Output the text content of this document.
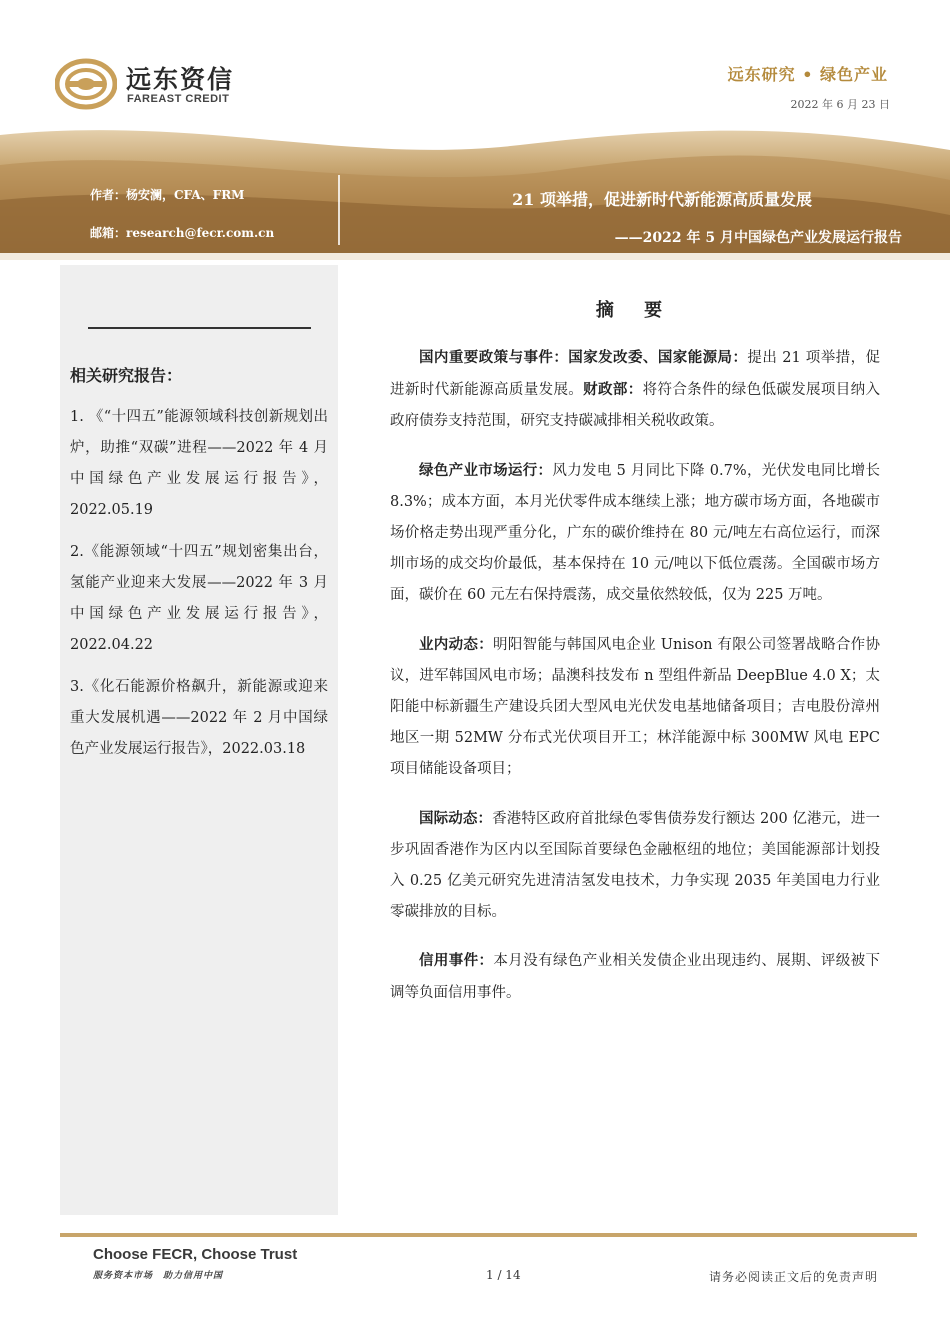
远东资信
FAREAST CREDIT
远东研究 • 绿色产业
2022 年 6 月 23 日
作者：杨安澜，CFA、FRM
邮箱：research@fecr.com.cn
21 项举措，促进新时代新能源高质量发展
——2022 年 5 月中国绿色产业发展运行报告
相关研究报告：

1. 《“十四五”能源领域科技创新规划出炉，助推“双碳”进程——2022 年 4 月中国绿色产业发展运行报告》，2022.05.19

2.《能源领域“十四五”规划密集出台，氢能产业迎来大发展——2022 年 3 月中国绿色产业发展运行报告》，2022.04.22

3.《化石能源价格飙升，新能源或迎来重大发展机遇——2022 年 2 月中国绿色产业发展运行报告》，2022.03.18

摘 要

国内重要政策与事件：国家发改委、国家能源局：提出 21 项举措，促进新时代新能源高质量发展。财政部：将符合条件的绿色低碳发展项目纳入政府债券支持范围，研究支持碳减排相关税收政策。

绿色产业市场运行：风力发电 5 月同比下降 0.7%，光伏发电同比增长 8.3%；成本方面，本月光伏零件成本继续上涨；地方碳市场方面，各地碳市场价格走势出现严重分化，广东的碳价维持在 80 元/吨左右高位运行，而深圳市场的成交均价最低，基本保持在 10 元/吨以下低位震荡。全国碳市场方面，碳价在 60 元左右保持震荡，成交量依然较低，仅为 225 万吨。

业内动态：明阳智能与韩国风电企业 Unison 有限公司签署战略合作协议，进军韩国风电市场；晶澳科技发布 n 型组件新品 DeepBlue 4.0 X；太阳能中标新疆生产建设兵团大型风电光伏发电基地储备项目；吉电股份漳州地区一期 52MW 分布式光伏项目开工；林洋能源中标 300MW 风电 EPC 项目储能设备项目；

国际动态：香港特区政府首批绿色零售债券发行额达 200 亿港元，进一步巩固香港作为区内以至国际首要绿色金融枢纽的地位；美国能源部计划投入 0.25 亿美元研究先进清洁氢发电技术，力争实现 2035 年美国电力行业零碳排放的目标。

信用事件：本月没有绿色产业相关发债企业出现违约、展期、评级被下调等负面信用事件。

Choose FECR, Choose Trust
服务资本市场　助力信用中国	1 / 14	请务必阅读正文后的免责声明
